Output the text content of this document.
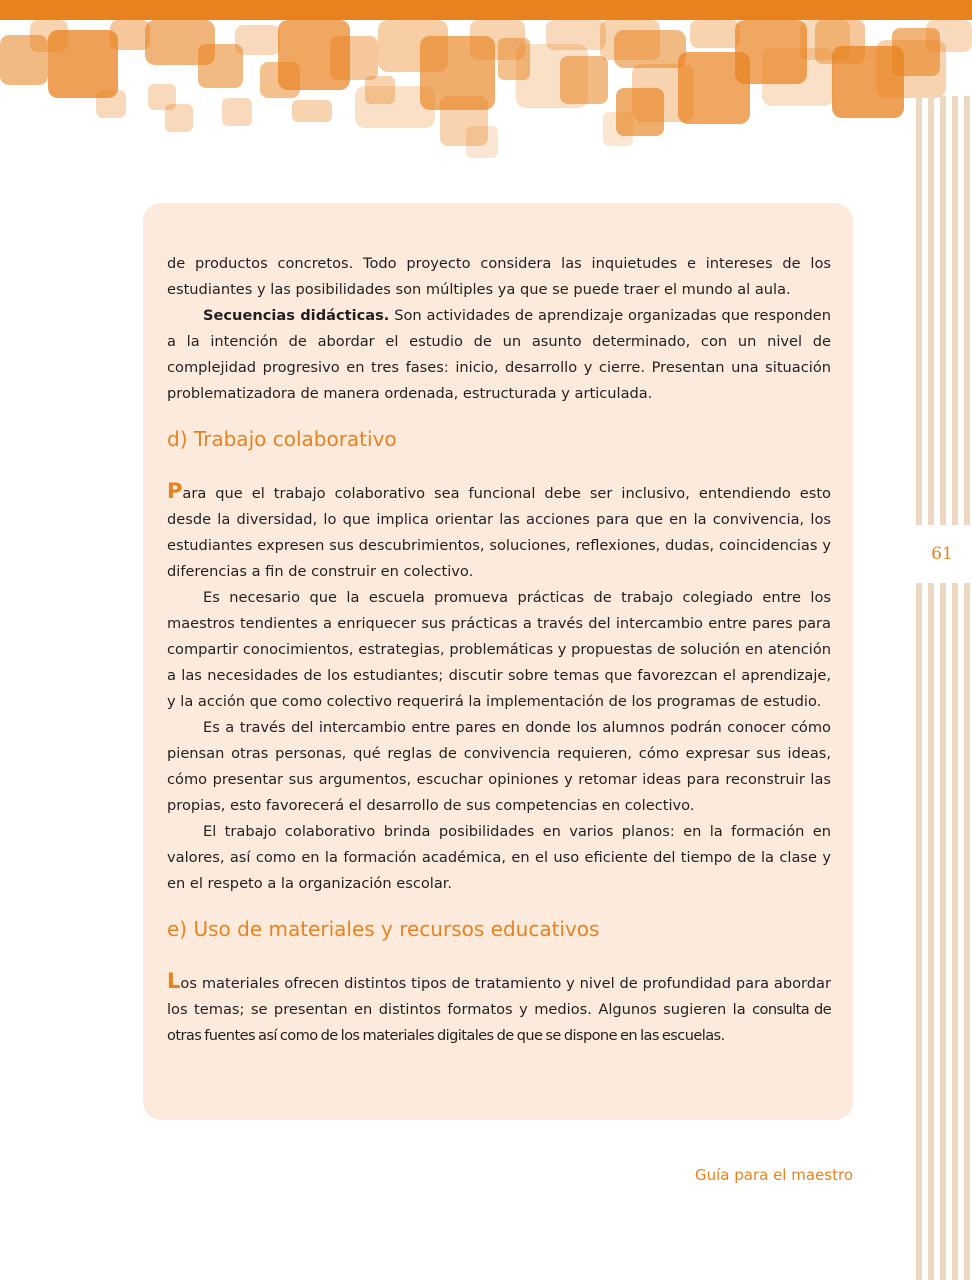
61

de productos concretos. Todo proyecto considera las inquietudes e intereses de los estudiantes y las posibilidades son múltiples ya que se puede traer el mundo al aula.

Secuencias didácticas. Son actividades de aprendizaje organizadas que responden a la intención de abordar el estudio de un asunto determinado, con un nivel de complejidad progresivo en tres fases: inicio, desarrollo y cierre. Presentan una situación problematizadora de manera ordenada, estructurada y articulada.

d) Trabajo colaborativo

Para que el trabajo colaborativo sea funcional debe ser inclusivo, entendiendo esto desde la diversidad, lo que implica orientar las acciones para que en la convivencia, los estudiantes expresen sus descubrimientos, soluciones, reflexiones, dudas, coincidencias y diferencias a fin de construir en colectivo.

Es necesario que la escuela promueva prácticas de trabajo colegiado entre los maestros tendientes a enriquecer sus prácticas a través del intercambio entre pares para compartir conocimientos, estrategias, problemáticas y propuestas de solución en atención a las necesidades de los estudiantes; discutir sobre temas que favorezcan el aprendizaje, y la acción que como colectivo requerirá la implementación de los programas de estudio.

Es a través del intercambio entre pares en donde los alumnos podrán conocer cómo piensan otras personas, qué reglas de convivencia requieren, cómo expresar sus ideas, cómo presentar sus argumentos, escuchar opiniones y retomar ideas para reconstruir las propias, esto favorecerá el desarrollo de sus competencias en colectivo.

El trabajo colaborativo brinda posibilidades en varios planos: en la formación en valores, así como en la formación académica, en el uso eficiente del tiempo de la clase y en el respeto a la organización escolar.

e) Uso de materiales y recursos educativos

Los materiales ofrecen distintos tipos de tratamiento y nivel de profundidad para abordar los temas; se presentan en distintos formatos y medios. Algunos sugieren la consulta de otras fuentes así como de los materiales digitales de que se dispone en las escuelas.

Guía para el maestro
